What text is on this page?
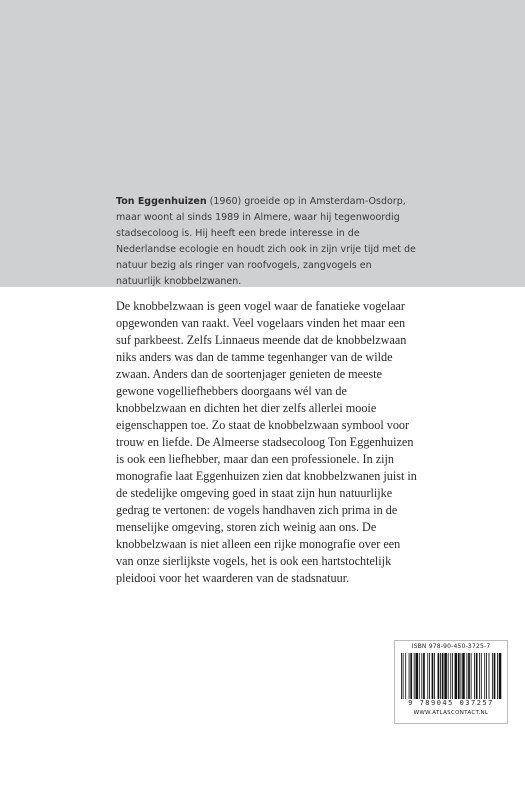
Ton Eggenhuizen (1960) groeide op in Amsterdam-Osdorp, maar woont al sinds 1989 in Almere, waar hij tegenwoordig stadsecoloog is. Hij heeft een brede interesse in de Nederlandse ecologie en houdt zich ook in zijn vrije tijd met de natuur bezig als ringer van roofvogels, zangvogels en natuurlijk knobbelzwanen.

De knobbelzwaan is geen vogel waar de fanatieke vogelaar opgewonden van raakt. Veel vogelaars vinden het maar een suf parkbeest. Zelfs Linnaeus meende dat de knobbelzwaan niks anders was dan de tamme tegenhanger van de wilde zwaan. Anders dan de soortenjager genieten de meeste gewone vogelliefhebbers doorgaans wél van de knobbelzwaan en dichten het dier zelfs allerlei mooie eigenschappen toe. Zo staat de knobbelzwaan symbool voor trouw en liefde. De Almeerse stadsecoloog Ton Eggenhuizen is ook een liefhebber, maar dan een professionele. In zijn monografie laat Eggenhuizen zien dat knobbelzwanen juist in de stedelijke omgeving goed in staat zijn hun natuurlijke gedrag te vertonen: de vogels handhaven zich prima in de menselijke omgeving, storen zich weinig aan ons. De knobbelzwaan is niet alleen een rijke monografie over een van onze sierlijkste vogels, het is ook een hartstochtelijk pleidooi voor het waarderen van de stadsnatuur.

ISBN 978-90-450-3725-7
9 789045 037257
WWW.ATLASCONTACT.NL
